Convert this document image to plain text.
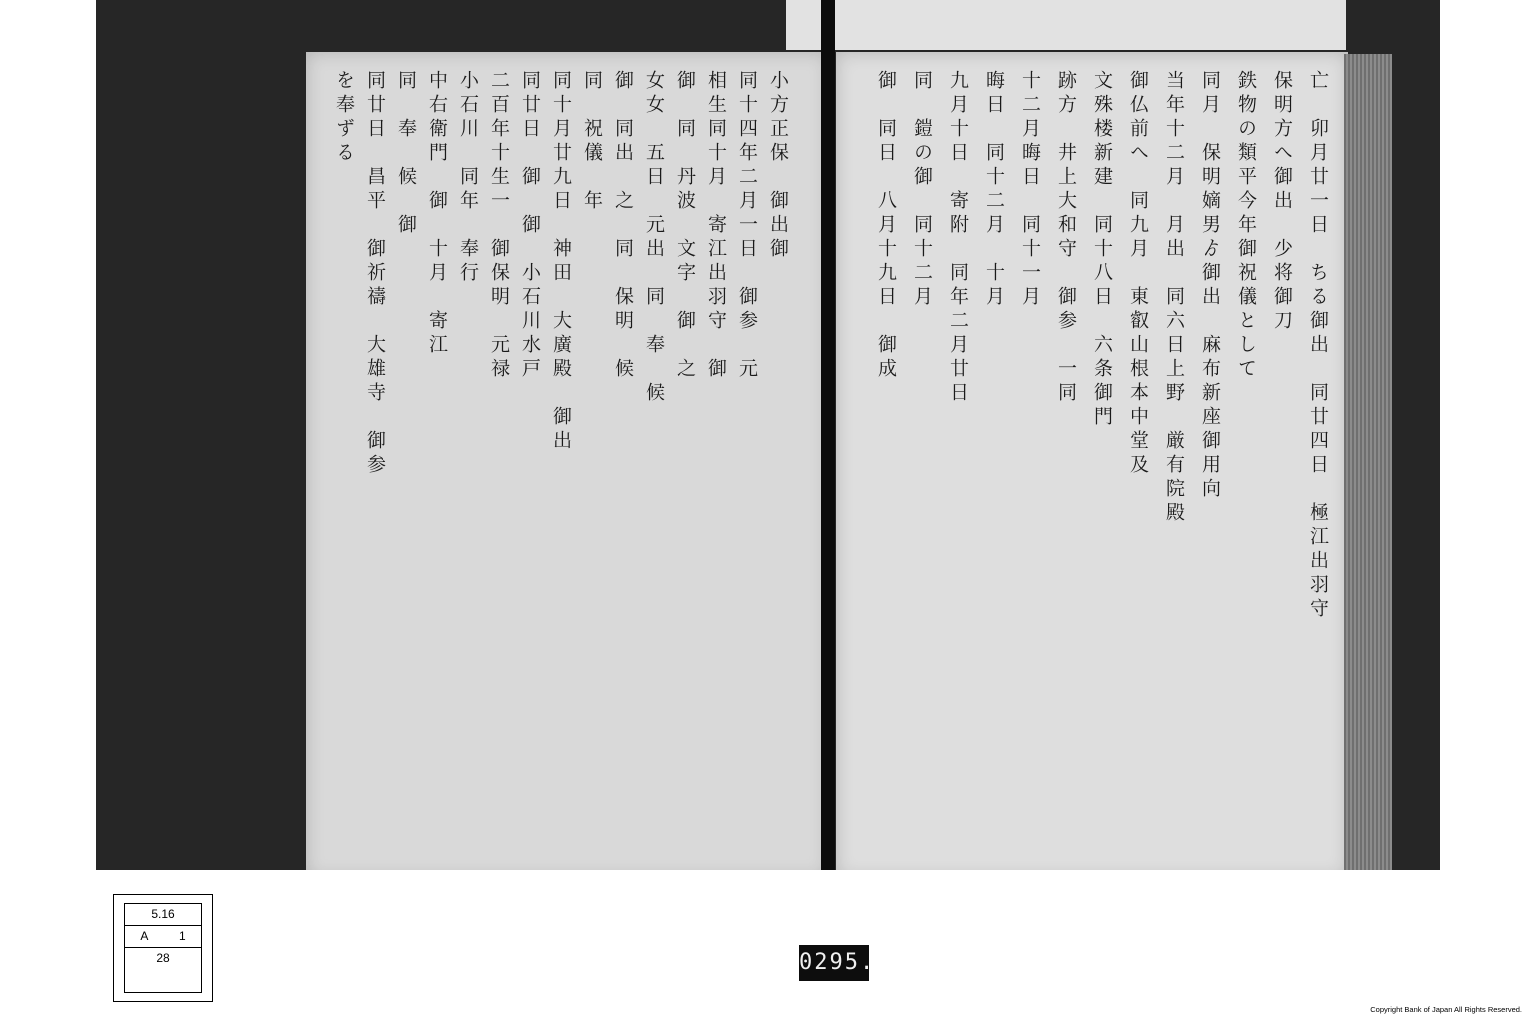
小方正保　御出御
同十四年二月一日　御参　元
相生同十月　寄江出羽守　御
御　同　丹波　文字　御　之
女女　五日　元出　同　奉　候
御　同出　之　同　保明　候
同　祝儀　年
同十月廿九日　神田　大廣殿　御出
同廿日　御　御　小石川水戸
二百年十生一　御保明　元禄
小石川　同年　奉行
中右衛門　御　十月　寄江
同　奉　候　御
同廿日　昌平　御祈禱　大雄寺　御参
を奉ずる	亡　卯月廿一日　ちる御出　同廿四日　極江出羽守
保明方へ御出　少将御刀
鉄物の類平今年御祝儀として
同月　保明嫡男ゟ御出　麻布新座御用向
当年十二月　月出　同六日上野　厳有院殿
御仏前へ　同九月　東叡山根本中堂及
文殊楼新建　同十八日　六条御門
跡方　井上大和守　御参　一同
十二月晦日　同十一月
晦日　同十二月　十月
九月十日　寄附　同年二月廿日
同　鎧の御　同十二月
御　同日　八月十九日　御成
5.16
A	1
28	0295.
Copyright Bank of Japan All Rights Reserved.
